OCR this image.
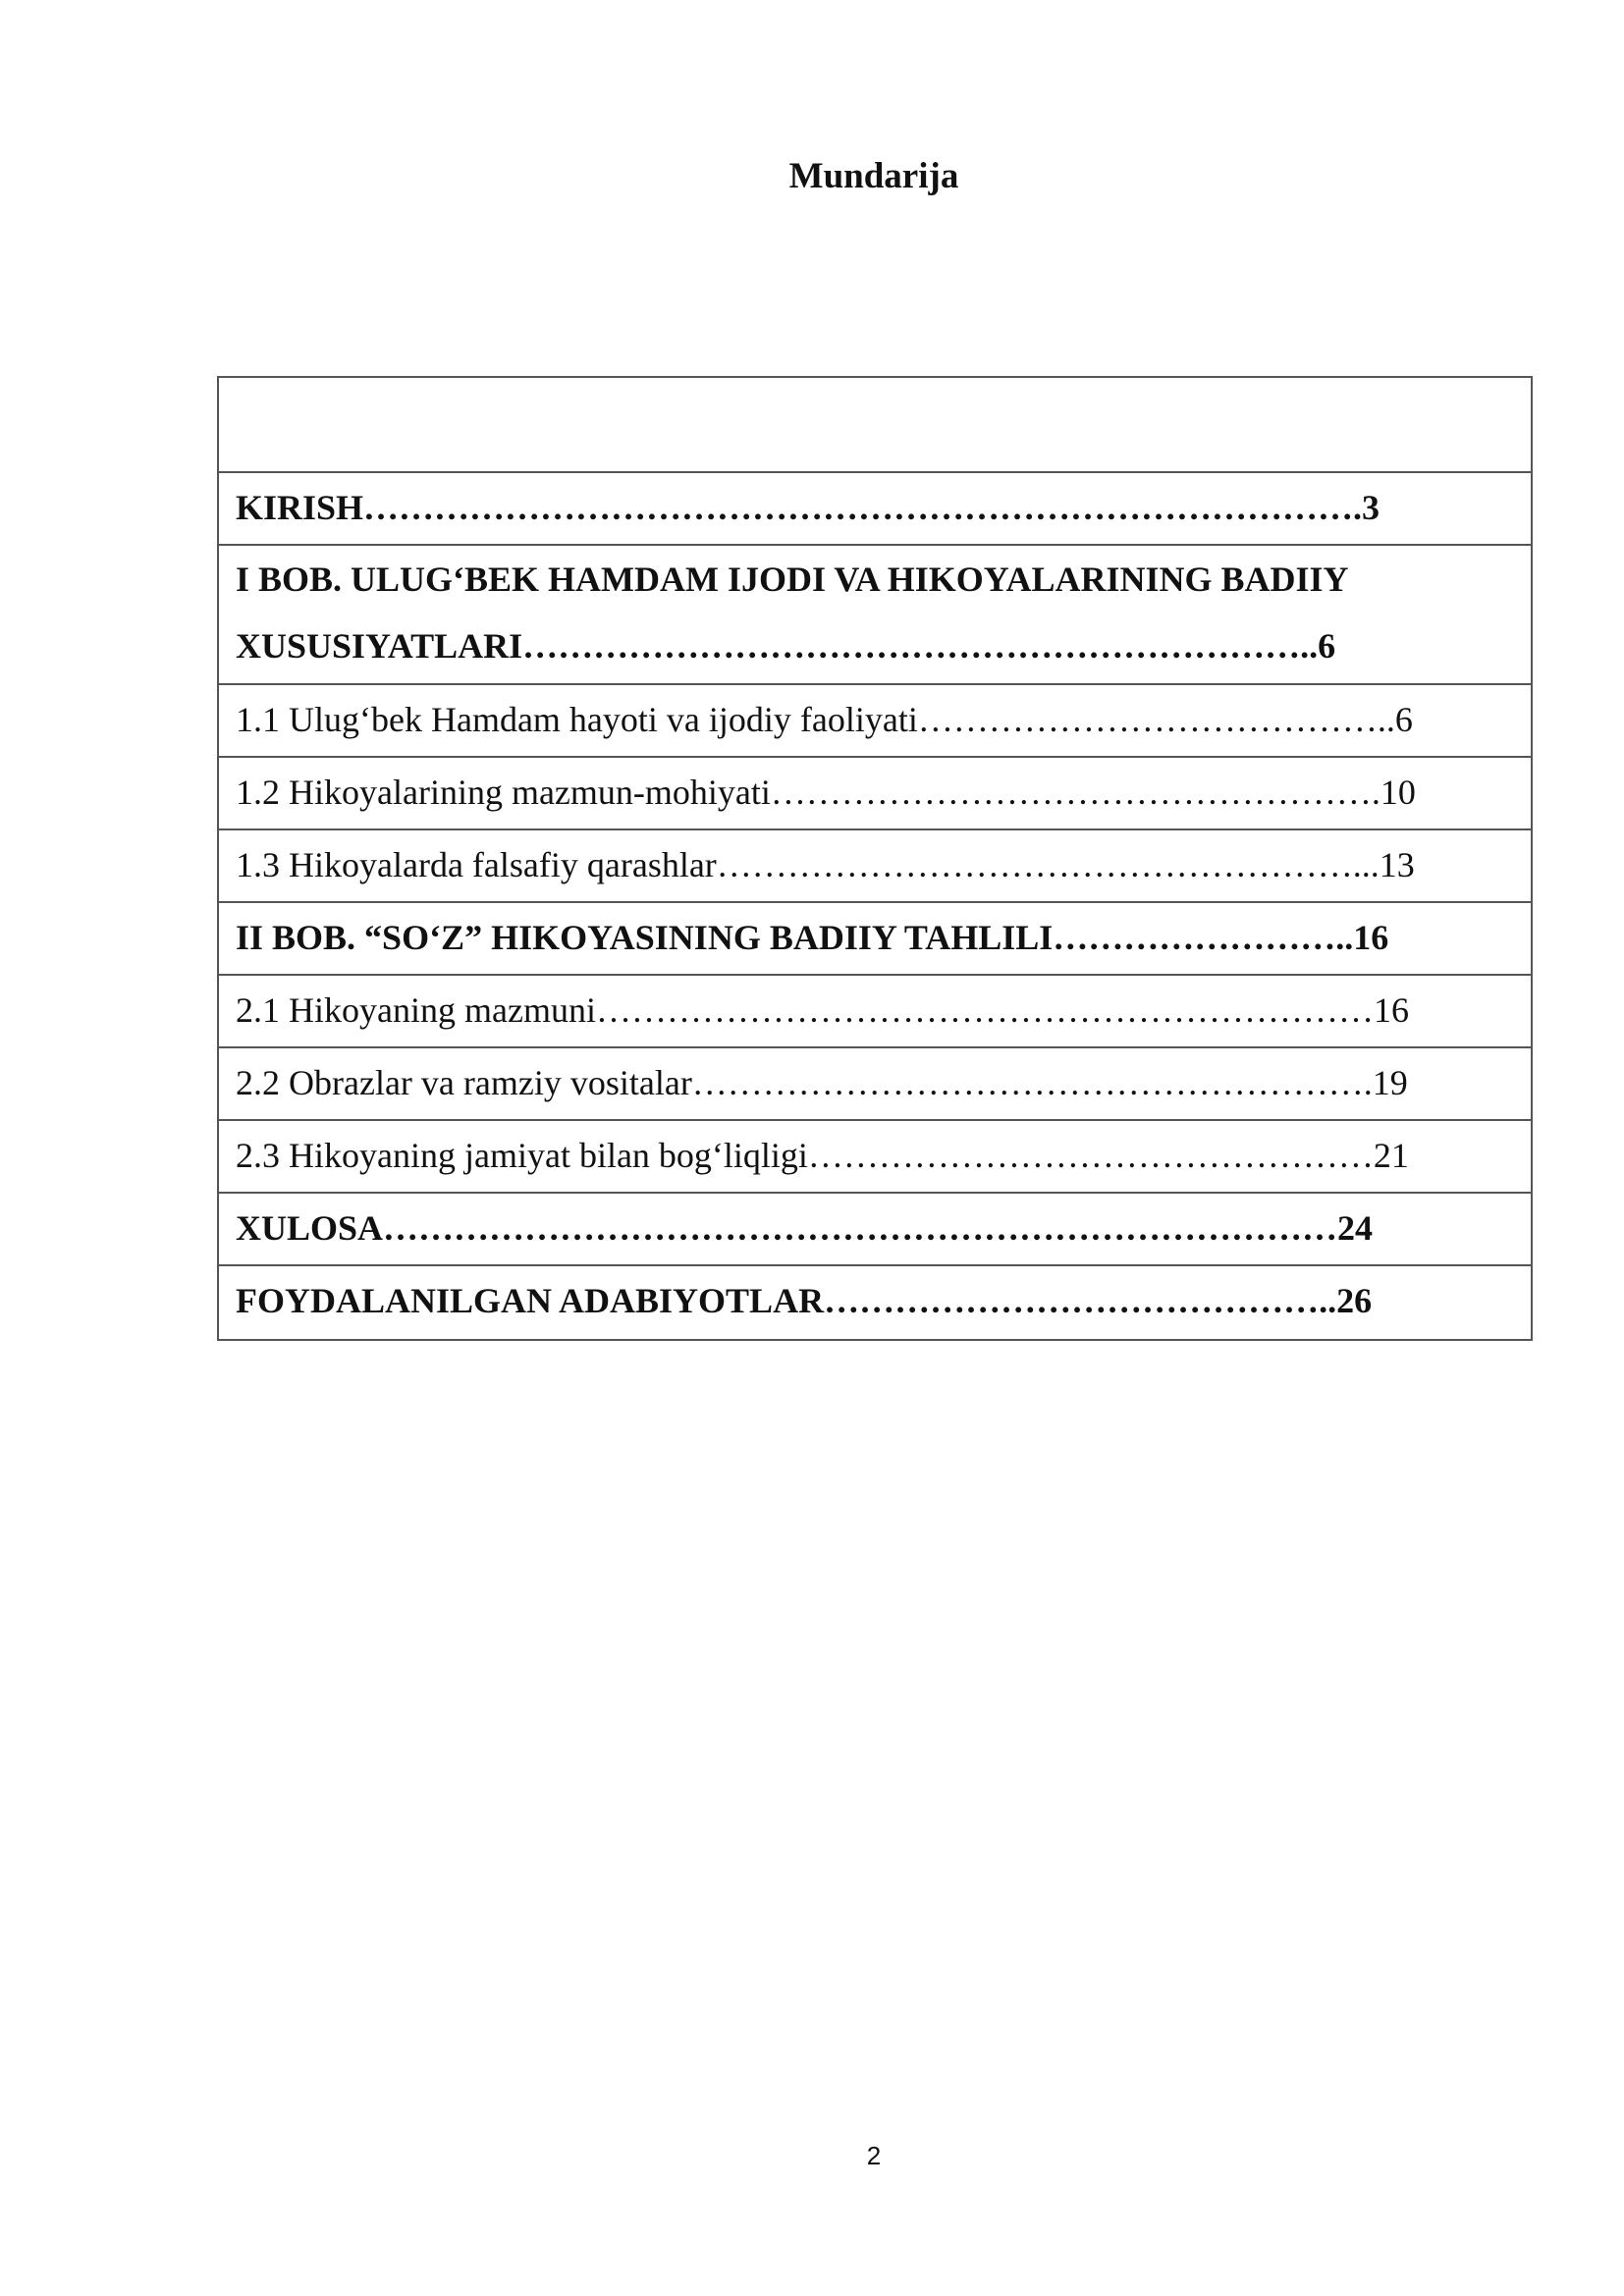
Mundarija
KIRISH………………………………………………………………………….3
I BOB. ULUG‘BEK HAMDAM IJODI VA HIKOYALARINING BADIIY
XUSUSIYATLARI…………………………………………………………..6
1.1 Ulug‘bek Hamdam hayoti va ijodiy faoliyati…………………………………..6
1.2 Hikoyalarining mazmun-mohiyati…………………………………………….10
1.3 Hikoyalarda falsafiy qarashlar………………………………………………...13
II BOB. “SO‘Z” HIKOYASINING BADIIY TAHLILI……………………..16
2.1 Hikoyaning mazmuni…………………………………………………………16
2.2 Obrazlar va ramziy vositalar………………………………………………….19
2.3 Hikoyaning jamiyat bilan bog‘liqligi…………………………………………21
XULOSA………………………………………………………………………24
FOYDALANILGAN ADABIYOTLAR……………………………………..26
2
